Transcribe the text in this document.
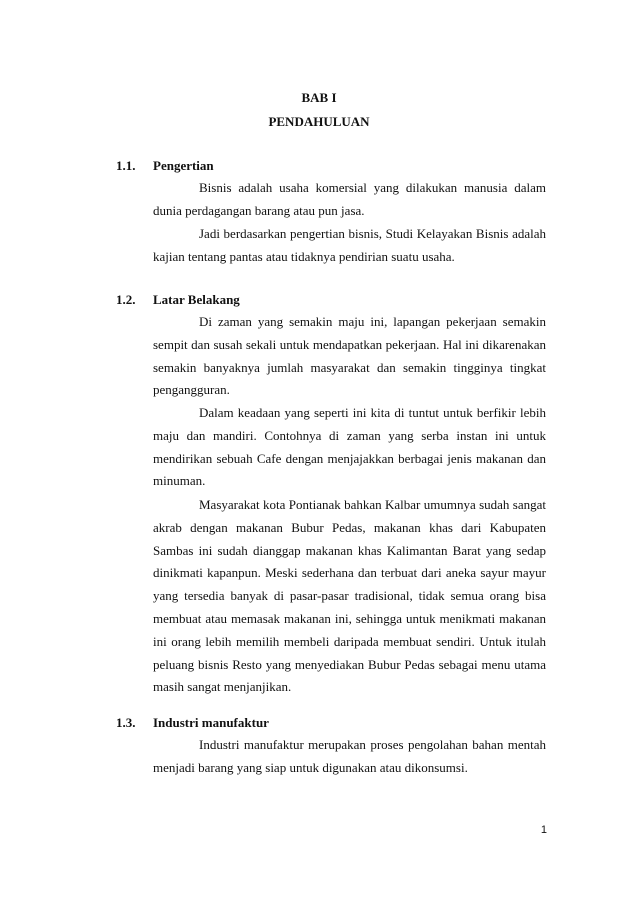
BAB I
PENDAHULUAN
1.1. Pengertian

Bisnis adalah usaha komersial yang dilakukan manusia dalam dunia perdagangan barang atau pun jasa.

Jadi berdasarkan pengertian bisnis, Studi Kelayakan Bisnis adalah kajian tentang pantas atau tidaknya pendirian suatu usaha.

1.2. Latar Belakang

Di zaman yang semakin maju ini, lapangan pekerjaan semakin sempit dan susah sekali untuk mendapatkan pekerjaan. Hal ini dikarenakan semakin banyaknya jumlah masyarakat dan semakin tingginya tingkat pengangguran.

Dalam keadaan yang seperti ini kita di tuntut untuk berfikir lebih maju dan mandiri. Contohnya di zaman yang serba instan ini untuk mendirikan sebuah Cafe dengan menjajakkan berbagai jenis makanan dan minuman.

Masyarakat kota Pontianak bahkan Kalbar umumnya sudah sangat akrab dengan makanan Bubur Pedas, makanan khas dari Kabupaten Sambas ini sudah dianggap makanan khas Kalimantan Barat yang sedap dinikmati kapanpun. Meski sederhana dan terbuat dari aneka sayur mayur yang tersedia banyak di pasar-pasar tradisional, tidak semua orang bisa membuat atau memasak makanan ini, sehingga untuk menikmati makanan ini orang lebih memilih membeli daripada membuat sendiri. Untuk itulah peluang bisnis Resto yang menyediakan Bubur Pedas sebagai menu utama masih sangat menjanjikan.

1.3. Industri manufaktur

Industri manufaktur merupakan proses pengolahan bahan mentah menjadi barang yang siap untuk digunakan atau dikonsumsi.

1
